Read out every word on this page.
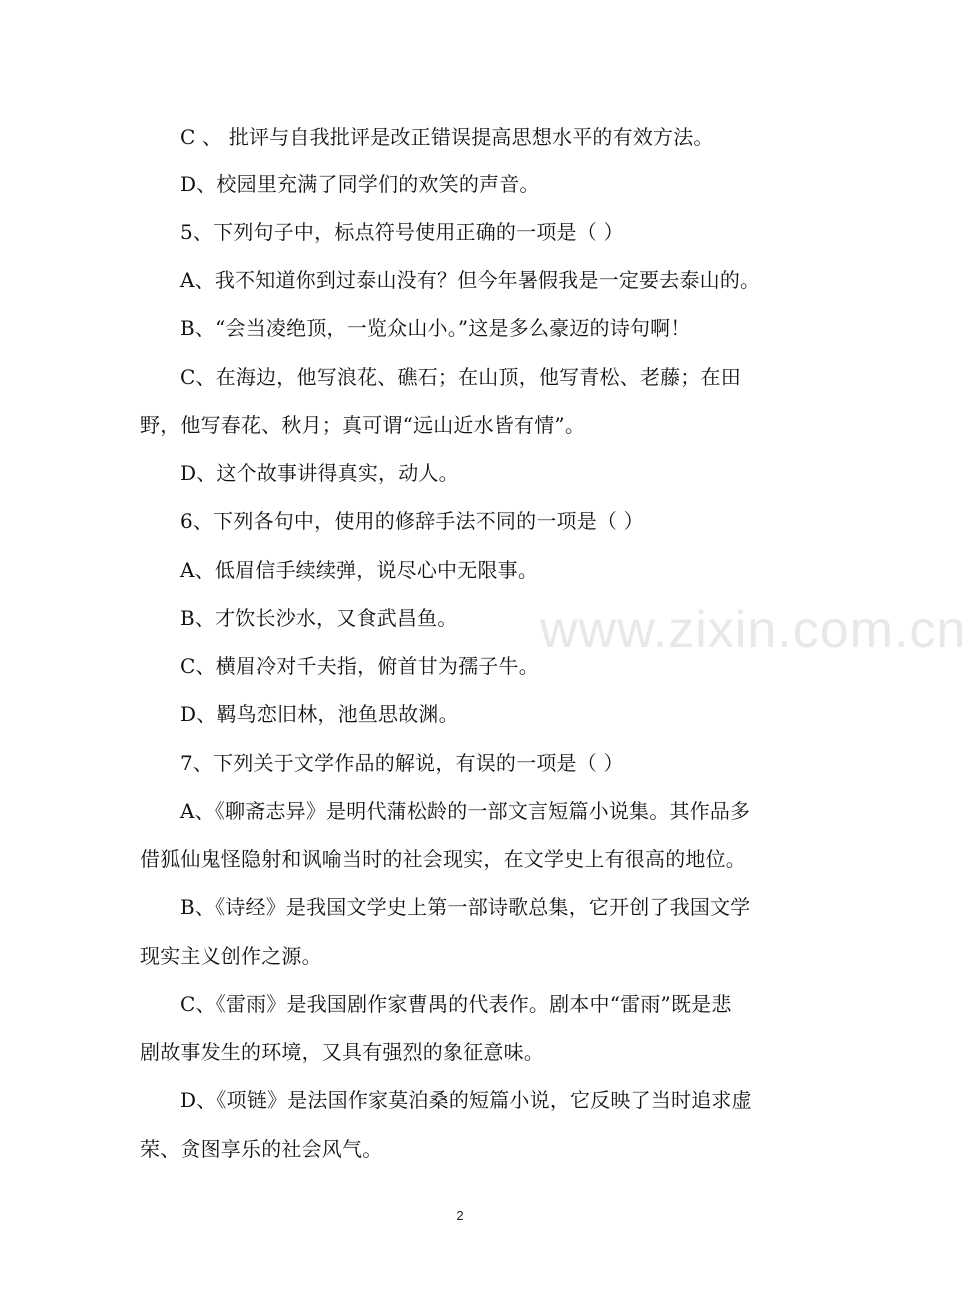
C 、 批评与自我批评是改正错误提高思想水平的有效方法。
D、校园里充满了同学们的欢笑的声音。
5、下列句子中，标点符号使用正确的一项是（ ）
A、我不知道你到过泰山没有？但今年暑假我是一定要去泰山的。
B、“会当凌绝顶，一览众山小。”这是多么豪迈的诗句啊！
C、在海边，他写浪花、礁石；在山顶，他写青松、老藤；在田
野，他写春花、秋月；真可谓“远山近水皆有情”。
D、这个故事讲得真实，动人。
6、下列各句中，使用的修辞手法不同的一项是（ ）
A、低眉信手续续弹，说尽心中无限事。
B、才饮长沙水，又食武昌鱼。
C、横眉冷对千夫指，俯首甘为孺子牛。
D、羁鸟恋旧林，池鱼思故渊。
7、下列关于文学作品的解说，有误的一项是（ ）
A、《聊斋志异》是明代蒲松龄的一部文言短篇小说集。其作品多
借狐仙鬼怪隐射和讽喻当时的社会现实，在文学史上有很高的地位。
B、《诗经》是我国文学史上第一部诗歌总集，它开创了我国文学
现实主义创作之源。
C、《雷雨》是我国剧作家曹禺的代表作。剧本中“雷雨”既是悲
剧故事发生的环境，又具有强烈的象征意味。
D、《项链》是法国作家莫泊桑的短篇小说，它反映了当时追求虚
荣、贪图享乐的社会风气。
www.zixin.com.cn
2
